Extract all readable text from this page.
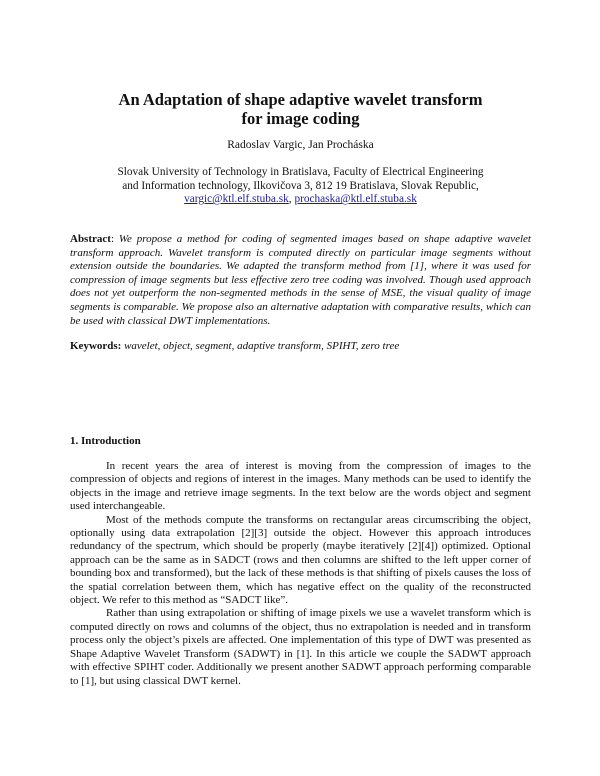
An Adaptation of shape adaptive wavelet transform
for image coding
Radoslav Vargic, Jan Procháska
Slovak University of Technology in Bratislava, Faculty of Electrical Engineering
and Information technology, Ilkovičova 3, 812 19 Bratislava, Slovak Republic,
vargic@ktl.elf.stuba.sk, prochaska@ktl.elf.stuba.sk
Abstract: We propose a method for coding of segmented images based on shape adaptive wavelet transform approach. Wavelet transform is computed directly on particular image segments without extension outside the boundaries. We adapted the transform method from [1], where it was used for compression of image segments but less effective zero tree coding was involved. Though used approach does not yet outperform the non-segmented methods in the sense of MSE, the visual quality of image segments is comparable. We propose also an alternative adaptation with comparative results, which can be used with classical DWT implementations.
Keywords: wavelet, object, segment, adaptive transform, SPIHT, zero tree
1. Introduction

In recent years the area of interest is moving from the compression of images to the compression of objects and regions of interest in the images. Many methods can be used to identify the objects in the image and retrieve image segments. In the text below are the words object and segment used interchangeable.

Most of the methods compute the transforms on rectangular areas circumscribing the object, optionally using data extrapolation [2][3] outside the object. However this approach introduces redundancy of the spectrum, which should be properly (maybe iteratively [2][4]) optimized. Optional approach can be the same as in SADCT (rows and then columns are shifted to the left upper corner of bounding box and transformed), but the lack of these methods is that shifting of pixels causes the loss of the spatial correlation between them, which has negative effect on the quality of the reconstructed object. We refer to this method as “SADCT like”.

Rather than using extrapolation or shifting of image pixels we use a wavelet transform which is computed directly on rows and columns of the object, thus no extrapolation is needed and in transform process only the object’s pixels are affected. One implementation of this type of DWT was presented as Shape Adaptive Wavelet Transform (SADWT) in [1]. In this article we couple the SADWT approach with effective SPIHT coder. Additionally we present another SADWT approach performing comparable to [1], but using classical DWT kernel.
